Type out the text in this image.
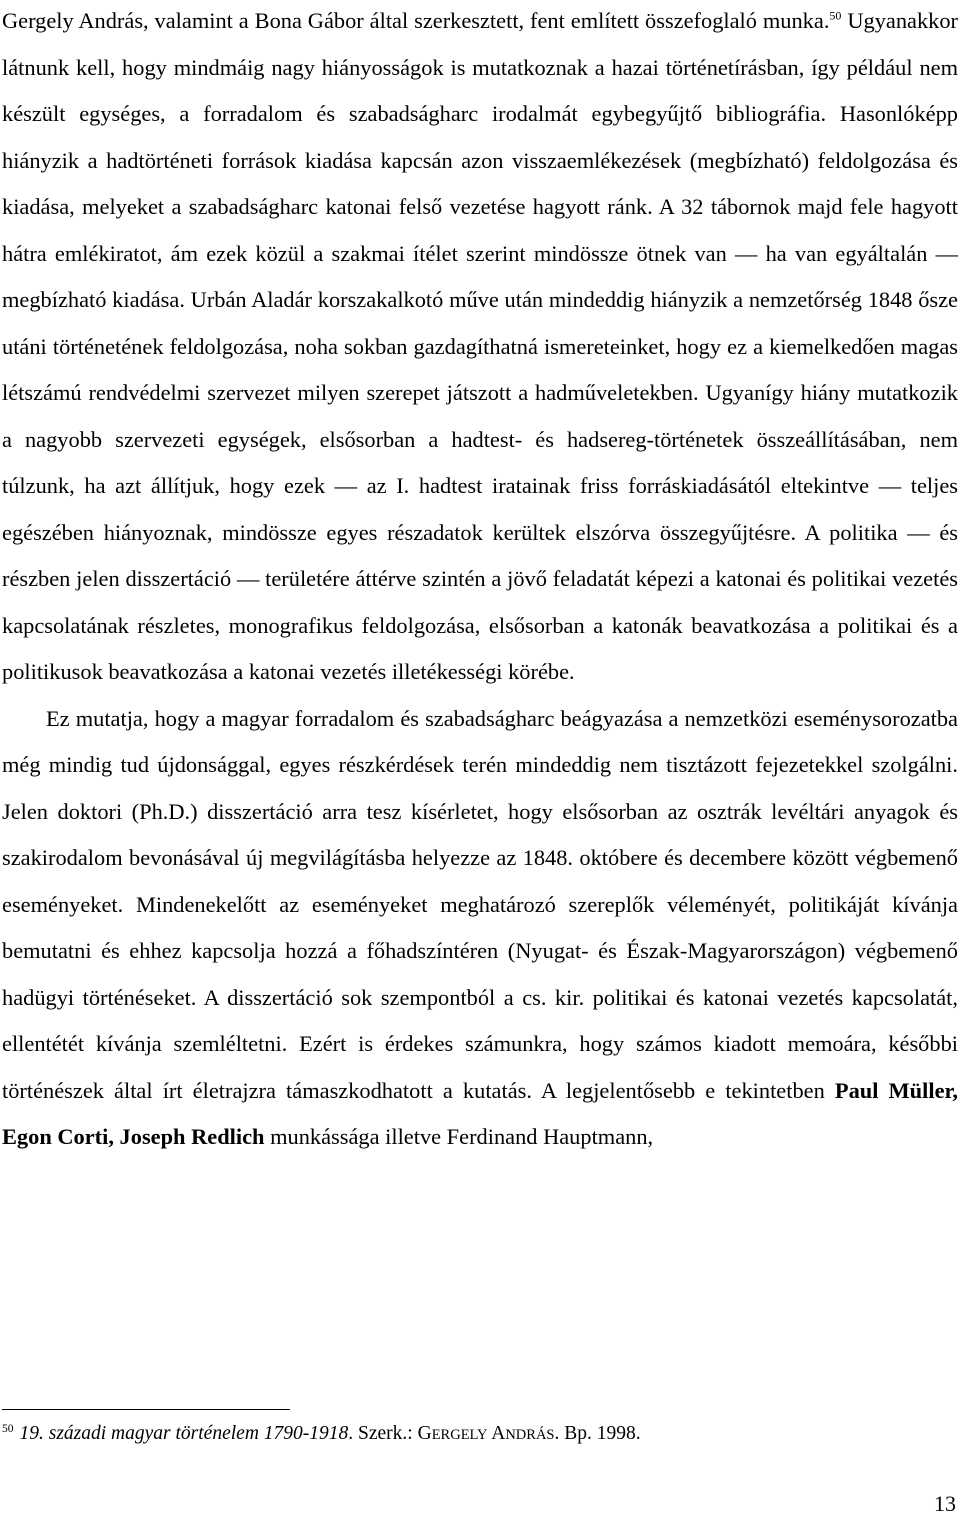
Gergely András, valamint a Bona Gábor által szerkesztett, fent említett összefoglaló munka.$^{50}$ Ugyanakkor látnunk kell, hogy mindmáig nagy hiányosságok is mutatkoznak a hazai történetírásban, így például nem készült egységes, a forradalom és szabadságharc irodalmát egybegyűjtő bibliográfia. Hasonlóképp hiányzik a hadtörténeti források kiadása kapcsán azon visszaemlékezések (megbízható) feldolgozása és kiadása, melyeket a szabadságharc katonai felső vezetése hagyott ránk. A 32 tábornok majd fele hagyott hátra emlékiratot, ám ezek közül a szakmai ítélet szerint mindössze ötnek van ― ha van egyáltalán ― megbízható kiadása. Urbán Aladár korszakalkotó műve után mindeddig hiányzik a nemzetőrség 1848 ősze utáni történetének feldolgozása, noha sokban gazdagíthatná ismereteinket, hogy ez a kiemelkedően magas létszámú rendvédelmi szervezet milyen szerepet játszott a hadműveletekben. Ugyanígy hiány mutatkozik a nagyobb szervezeti egységek, elsősorban a hadtest- és hadsereg-történetek összeállításában, nem túlzunk, ha azt állítjuk, hogy ezek ― az I. hadtest iratainak friss forráskiadásától eltekintve ― teljes egészében hiányoznak, mindössze egyes részadatok kerültek elszórva összegyűjtésre. A politika ― és részben jelen disszertáció ― területére áttérve szintén a jövő feladatát képezi a katonai és politikai vezetés kapcsolatának részletes, monografikus feldolgozása, elsősorban a katonák beavatkozása a politikai és a politikusok beavatkozása a katonai vezetés illetékességi körébe.

Ez mutatja, hogy a magyar forradalom és szabadságharc beágyazása a nemzetközi eseménysorozatba még mindig tud újdonsággal, egyes részkérdések terén mindeddig nem tisztázott fejezetekkel szolgálni. Jelen doktori (Ph.D.) disszertáció arra tesz kísérletet, hogy elsősorban az osztrák levéltári anyagok és szakirodalom bevonásával új megvilágításba helyezze az 1848. októbere és decembere között végbemenő eseményeket. Mindenekelőtt az eseményeket meghatározó szereplők véleményét, politikáját kívánja bemutatni és ehhez kapcsolja hozzá a főhadszíntéren (Nyugat- és Észak-Magyarországon) végbemenő hadügyi történéseket. A disszertáció sok szempontból a cs. kir. politikai és katonai vezetés kapcsolatát, ellentétét kívánja szemléltetni. Ezért is érdekes számunkra, hogy számos kiadott memoára, későbbi történészek által írt életrajzra támaszkodhatott a kutatás. A legjelentősebb e tekintetben Paul Müller, Egon Corti, Joseph Redlich munkássága illetve Ferdinand Hauptmann,

$^{50}$ 19. századi magyar történelem 1790-1918. Szerk.: GERGELY ANDRÁS. Bp. 1998.
13
